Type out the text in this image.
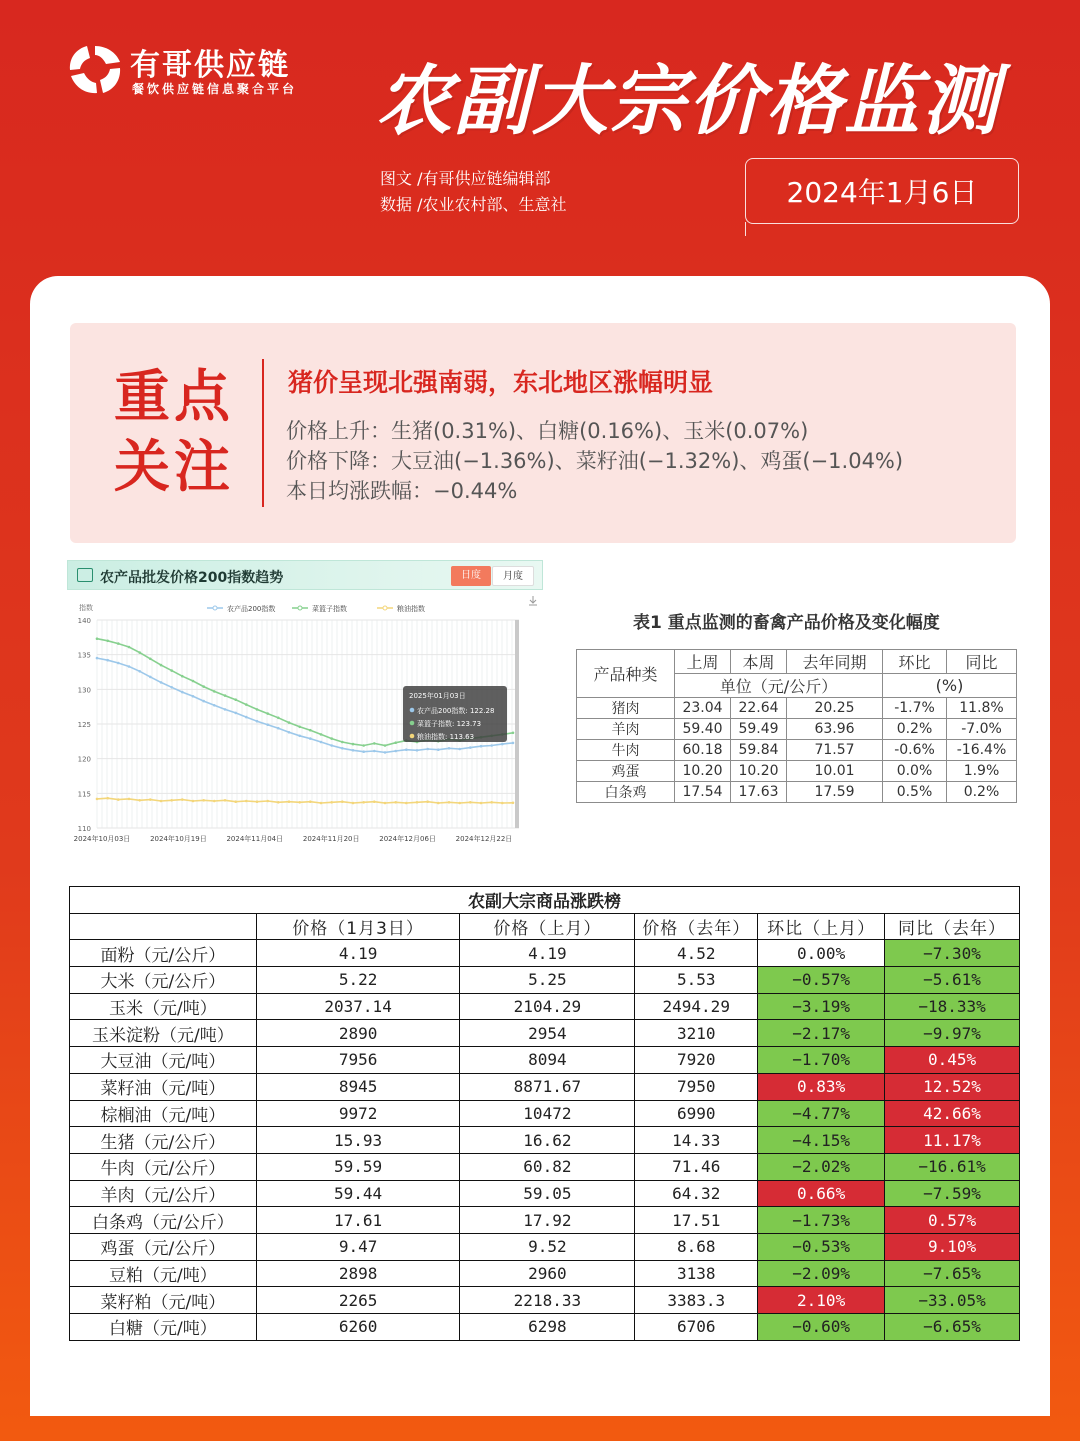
有哥供应链
餐饮供应链信息聚合平台 农副大宗价格监测
图文 /有哥供应链编辑部
数据 /农业农村部、生意社	2024年1月6日
重点
关注
猪价呈现北强南弱，东北地区涨幅明显
价格上升：生猪(0.31%)、白糖(0.16%)、玉米(0.07%)
价格下降：大豆油(−1.36%)、菜籽油(−1.32%)、鸡蛋(−1.04%)
本日均涨跌幅：−0.44%
农产品批发价格200指数趋势	日度	月度
110
115
120
125
130
135
140
指数
2024年10月03日	2024年10月19日	2024年11月04日	2024年11月20日	2024年12月06日	2024年12月22日
农产品200指数	菜篮子指数	粮油指数
2025年01月03日
农产品200指数: 122.28
菜篮子指数: 123.73
粮油指数: 113.63
表1 重点监测的畜禽产品价格及变化幅度
产品种类	上周	本周	去年同期	环比	同比
	单位（元/公斤）			(%)	
猪肉	23.04	22.64	20.25	-1.7%	11.8%
羊肉	59.40	59.49	63.96	0.2%	-7.0%
牛肉	60.18	59.84	71.57	-0.6%	-16.4%
鸡蛋	10.20	10.20	10.01	0.0%	1.9%
白条鸡	17.54	17.63	17.59	0.5%	0.2%
农副大宗商品涨跌榜					
	价格（1月3日）	价格（上月）	价格（去年）	环比（上月）	同比（去年）
面粉（元/公斤）	4.19	4.19	4.52	0.00%	−7.30%
大米（元/公斤）	5.22	5.25	5.53	−0.57%	−5.61%
玉米（元/吨）	2037.14	2104.29	2494.29	−3.19%	−18.33%
玉米淀粉（元/吨）	2890	2954	3210	−2.17%	−9.97%
大豆油（元/吨）	7956	8094	7920	−1.70%	0.45%
菜籽油（元/吨）	8945	8871.67	7950	0.83%	12.52%
棕榈油（元/吨）	9972	10472	6990	−4.77%	42.66%
生猪（元/公斤）	15.93	16.62	14.33	−4.15%	11.17%
牛肉（元/公斤）	59.59	60.82	71.46	−2.02%	−16.61%
羊肉（元/公斤）	59.44	59.05	64.32	0.66%	−7.59%
白条鸡（元/公斤）	17.61	17.92	17.51	−1.73%	0.57%
鸡蛋（元/公斤）	9.47	9.52	8.68	−0.53%	9.10%
豆粕（元/吨）	2898	2960	3138	−2.09%	−7.65%
菜籽粕（元/吨）	2265	2218.33	3383.3	2.10%	−33.05%
白糖（元/吨）	6260	6298	6706	−0.60%	−6.65%
